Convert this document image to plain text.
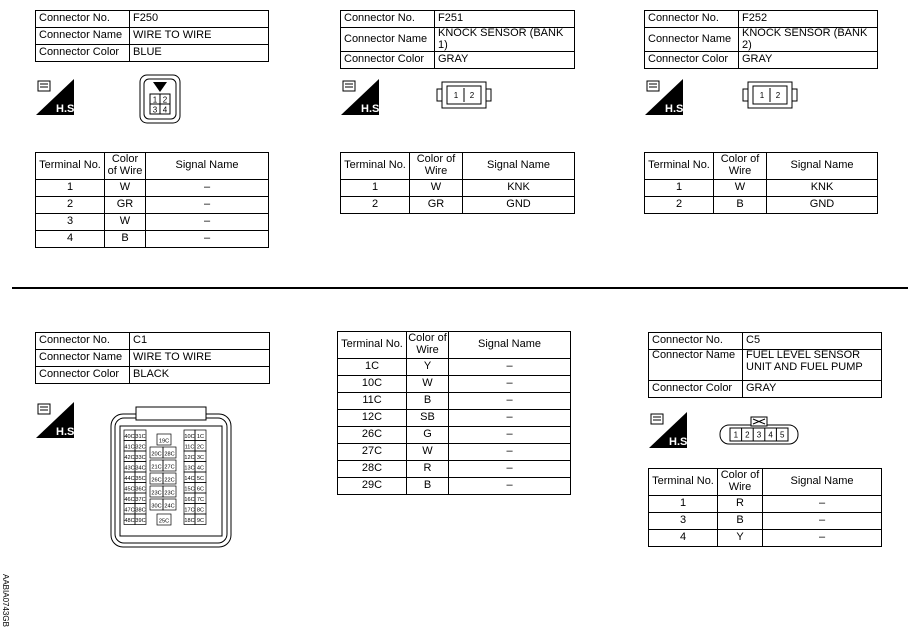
Connector No.	F250
Connector Name	WIRE TO WIRE
Connector Color	BLUE
H.S.
1 2
3 4
Terminal No.	Color of Wire	Signal Name
1	W	–
2	GR	–
3	W	–
4	B	–
Connector No.	F251
Connector Name	KNOCK SENSOR (BANK 1)
Connector Color	GRAY
H.S.
1 2
Terminal No.	Color of Wire	Signal Name
1	W	KNK
2	GR	GND
Connector No.	F252
Connector Name	KNOCK SENSOR (BANK 2)
Connector Color	GRAY
H.S.
1 2
Terminal No.	Color of Wire	Signal Name
1	W	KNK
2	B	GND
Connector No.	C1
Connector Name	WIRE TO WIRE
Connector Color	BLACK
H.S.	40C 31C
41C 32C
42C 33C
43C 34C
44C 35C
45C 36C
46C 37C
47C 38C
48C 39C
10C 1C
11C 2C
12C 3C
13C 4C
14C 5C
15C 6C
16C 7C
17C 8C
18C 9C
19C
20C 28C
21C 27C
26C 22C
23C 23C
30C 24C
25C
Terminal No.	Color of Wire	Signal Name
1C	Y	–
10C	W	–
11C	B	–
12C	SB	–
26C	G	–
27C	W	–
28C	R	–
29C	B	–
Connector No.	C5
Connector Name	FUEL LEVEL SENSOR UNIT AND FUEL PUMP
Connector Color	GRAY
H.S.
1 2 3 4 5
Terminal No.	Color of Wire	Signal Name
1	R	–
3	B	–
4	Y	–
AABIA0743GB
